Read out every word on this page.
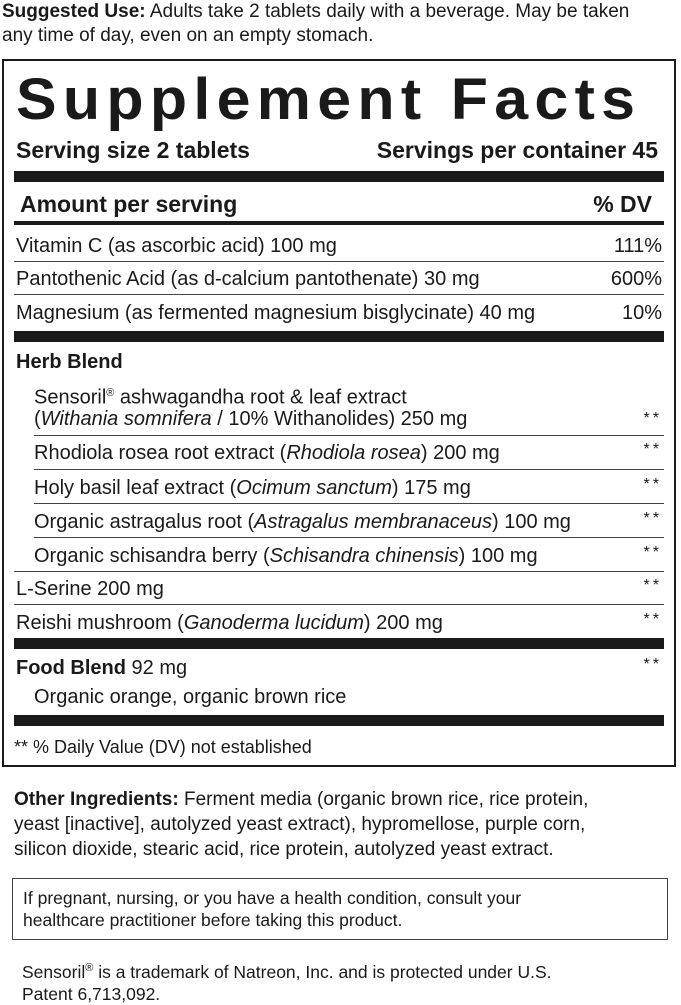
Suggested Use: Adults take 2 tablets daily with a beverage. May be taken
any time of day, even on an empty stomach.
Supplement Facts
Serving size 2 tablets	Servings per container 45
Amount per serving	% DV
Vitamin C (as ascorbic acid) 100 mg	111%
Pantothenic Acid (as d-calcium pantothenate) 30 mg	600%
Magnesium (as fermented magnesium bisglycinate) 40 mg	10%
Herb Blend
Sensoril® ashwagandha root & leaf extract
(Withania somnifera / 10% Withanolides) 250 mg	**
Rhodiola rosea root extract (Rhodiola rosea) 200 mg	**
Holy basil leaf extract (Ocimum sanctum) 175 mg	**
Organic astragalus root (Astragalus membranaceus) 100 mg	**
Organic schisandra berry (Schisandra chinensis) 100 mg	**
L-Serine 200 mg	**
Reishi mushroom (Ganoderma lucidum) 200 mg	**
Food Blend 92 mg	**
Organic orange, organic brown rice
** % Daily Value (DV) not established
Other Ingredients: Ferment media (organic brown rice, rice protein,
yeast [inactive], autolyzed yeast extract), hypromellose, purple corn,
silicon dioxide, stearic acid, rice protein, autolyzed yeast extract.
If pregnant, nursing, or you have a health condition, consult your
healthcare practitioner before taking this product.
Sensoril® is a trademark of Natreon, Inc. and is protected under U.S.
Patent 6,713,092.
